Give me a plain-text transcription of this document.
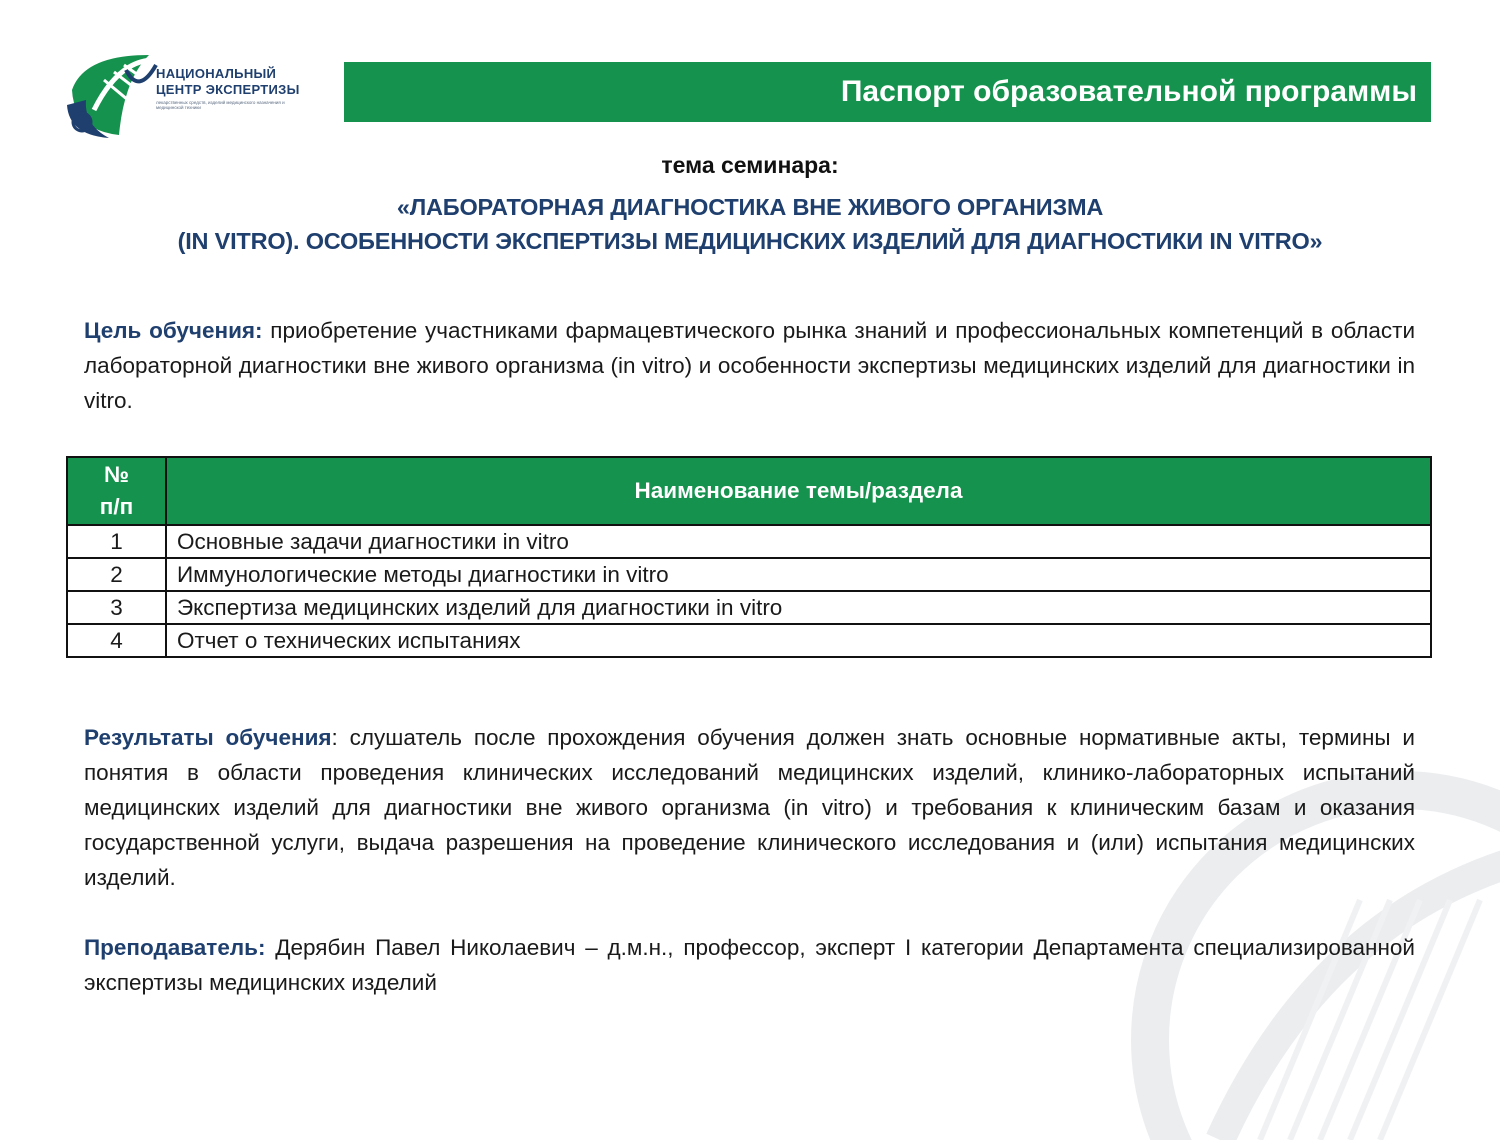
НАЦИОНАЛЬНЫЙ
ЦЕНТР ЭКСПЕРТИЗЫ
лекарственных средств, изделий медицинского назначения и медицинской техники	Паспорт образовательной программы
тема семинара:
«ЛАБОРАТОРНАЯ ДИАГНОСТИКА ВНЕ ЖИВОГО ОРГАНИЗМА
(IN VITRO). ОСОБЕННОСТИ ЭКСПЕРТИЗЫ МЕДИЦИНСКИХ ИЗДЕЛИЙ ДЛЯ ДИАГНОСТИКИ IN VITRO»
Цель обучения: приобретение участниками фармацевтического рынка знаний и профессиональных компетенций в области лабораторной диагностики вне живого организма (in vitro) и особенности экспертизы медицинских изделий для диагностики in vitro.
№
п/п	Наименование темы/раздела
1	Основные задачи диагностики in vitro
2	Иммунологические методы диагностики in vitro
3	Экспертиза медицинских изделий для диагностики in vitro
4	Отчет о технических испытаниях
Результаты обучения: слушатель после прохождения обучения должен знать основные нормативные акты, термины и понятия в области проведения клинических исследований медицинских изделий, клинико-лабораторных испытаний медицинских изделий для диагностики вне живого организма (in vitro) и требования к клиническим базам и оказания государственной услуги, выдача разрешения на проведение клинического исследования и (или) испытания медицинских изделий.
Преподаватель: Дерябин Павел Николаевич – д.м.н., профессор, эксперт I категории Департамента специализированной экспертизы медицинских изделий
